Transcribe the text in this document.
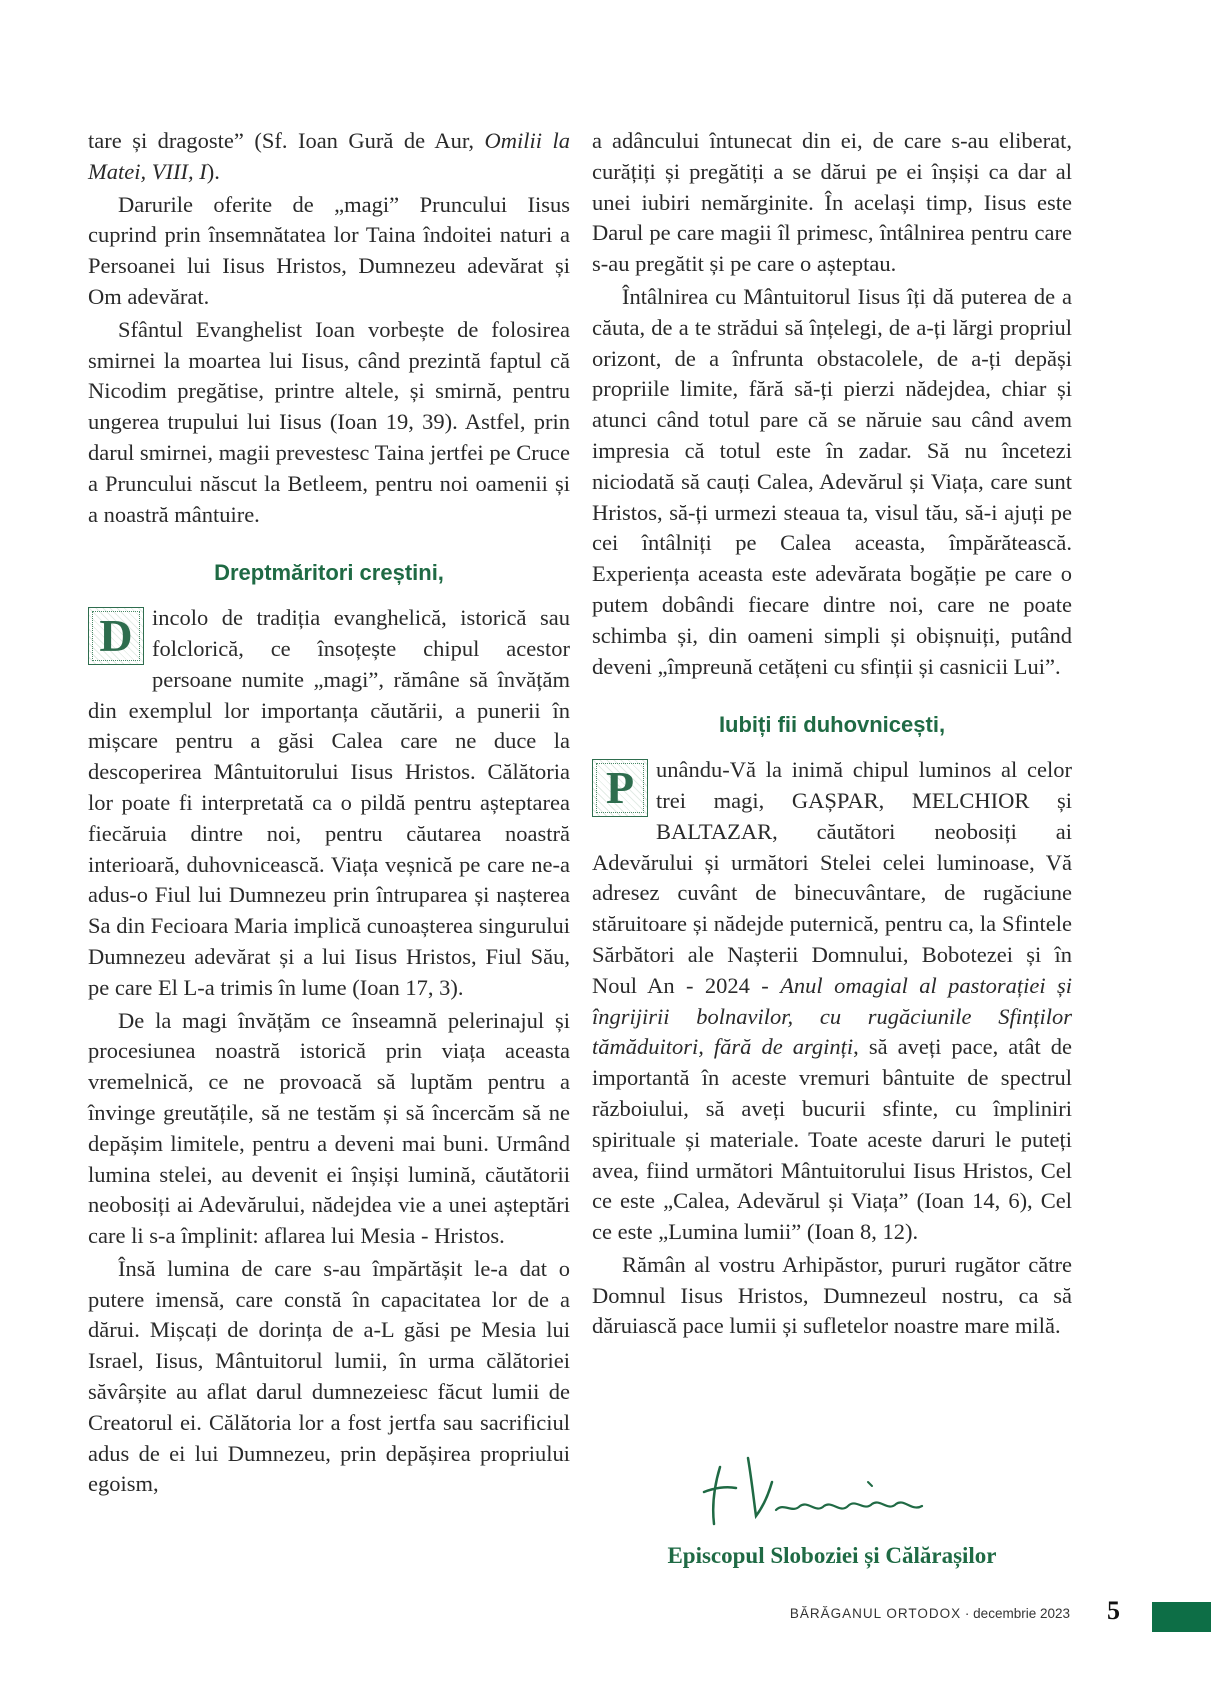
tare și dragoste” (Sf. Ioan Gură de Aur, Omilii la Matei, VIII, I).

Darurile oferite de „magi” Pruncului Iisus cuprind prin însemnătatea lor Taina îndoitei naturi a Persoanei lui Iisus Hristos, Dumnezeu adevărat și Om adevărat.

Sfântul Evanghelist Ioan vorbește de folosirea smirnei la moartea lui Iisus, când prezintă faptul că Nicodim pregătise, printre altele, și smirnă, pentru ungerea trupului lui Iisus (Ioan 19, 39). Astfel, prin darul smirnei, magii prevestesc Taina jertfei pe Cruce a Pruncului născut la Betleem, pentru noi oamenii și a noastră mântuire.

Dreptmăritori creștini,

D incolo de tradiția evanghelică, istorică sau folclorică, ce însoțește chipul acestor persoane numite „magi”, rămâne să învățăm din exemplul lor importanța căutării, a punerii în mișcare pentru a găsi Calea care ne duce la descoperirea Mântuitorului Iisus Hristos. Călătoria lor poate fi interpretată ca o pildă pentru așteptarea fiecăruia dintre noi, pentru căutarea noastră interioară, duhovnicească. Viața veșnică pe care ne-a adus-o Fiul lui Dumnezeu prin întruparea și nașterea Sa din Fecioara Maria implică cunoașterea singurului Dumnezeu adevărat și a lui Iisus Hristos, Fiul Său, pe care El L-a trimis în lume (Ioan 17, 3).

De la magi învățăm ce înseamnă pelerinajul și procesiunea noastră istorică prin viața aceasta vremelnică, ce ne provoacă să luptăm pentru a învinge greutățile, să ne testăm și să încercăm să ne depășim limitele, pentru a deveni mai buni. Urmând lumina stelei, au devenit ei înșiși lumină, căutătorii neobosiți ai Adevărului, nădejdea vie a unei așteptări care li s-a împlinit: aflarea lui Mesia - Hristos.

Însă lumina de care s-au împărtășit le-a dat o putere imensă, care constă în capacitatea lor de a dărui. Mișcați de dorința de a-L găsi pe Mesia lui Israel, Iisus, Mântuitorul lumii, în urma călătoriei săvârșite au aflat darul dumnezeiesc făcut lumii de Creatorul ei. Călătoria lor a fost jertfa sau sacrificiul adus de ei lui Dumnezeu, prin depășirea propriului egoism,

a adâncului întunecat din ei, de care s-au eliberat, curățiți și pregătiți a se dărui pe ei înșiși ca dar al unei iubiri nemărginite. În același timp, Iisus este Darul pe care magii îl primesc, întâlnirea pentru care s-au pregătit și pe care o așteptau.

Întâlnirea cu Mântuitorul Iisus îți dă puterea de a căuta, de a te strădui să înțelegi, de a-ți lărgi propriul orizont, de a înfrunta obstacolele, de a-ți depăși propriile limite, fără să-ți pierzi nădejdea, chiar și atunci când totul pare că se năruie sau când avem impresia că totul este în zadar. Să nu încetezi niciodată să cauți Calea, Adevărul și Viața, care sunt Hristos, să-ți urmezi steaua ta, visul tău, să-i ajuți pe cei întâlniți pe Calea aceasta, împărătească. Experiența aceasta este adevărata bogăție pe care o putem dobândi fiecare dintre noi, care ne poate schimba și, din oameni simpli și obișnuiți, putând deveni „împreună cetățeni cu sfinții și casnicii Lui”.

Iubiți fii duhovnicești,

P unându-Vă la inimă chipul luminos al celor trei magi, GAȘPAR, MELCHIOR și BALTAZAR, căutători neobosiți ai Adevărului și următori Stelei celei luminoase, Vă adresez cuvânt de binecuvântare, de rugăciune stăruitoare și nădejde puternică, pentru ca, la Sfintele Sărbători ale Nașterii Domnului, Bobotezei și în Noul An - 2024 - Anul omagial al pastorației și îngrijirii bolnavilor, cu rugăciunile Sfinților tămăduitori, fără de arginți, să aveți pace, atât de importantă în aceste vremuri bântuite de spectrul războiului, să aveți bucurii sfinte, cu împliniri spirituale și materiale. Toate aceste daruri le puteți avea, fiind următori Mântuitorului Iisus Hristos, Cel ce este „Calea, Adevărul și Viața” (Ioan 14, 6), Cel ce este „Lumina lumii” (Ioan 8, 12).

Rămân al vostru Arhipăstor, pururi rugător către Domnul Iisus Hristos, Dumnezeul nostru, ca să dăruiască pace lumii și sufletelor noastre mare milă.

Episcopul Sloboziei și Călărașilor
BĂRĂGANUL ORTODOX · decembrie 2023 5
